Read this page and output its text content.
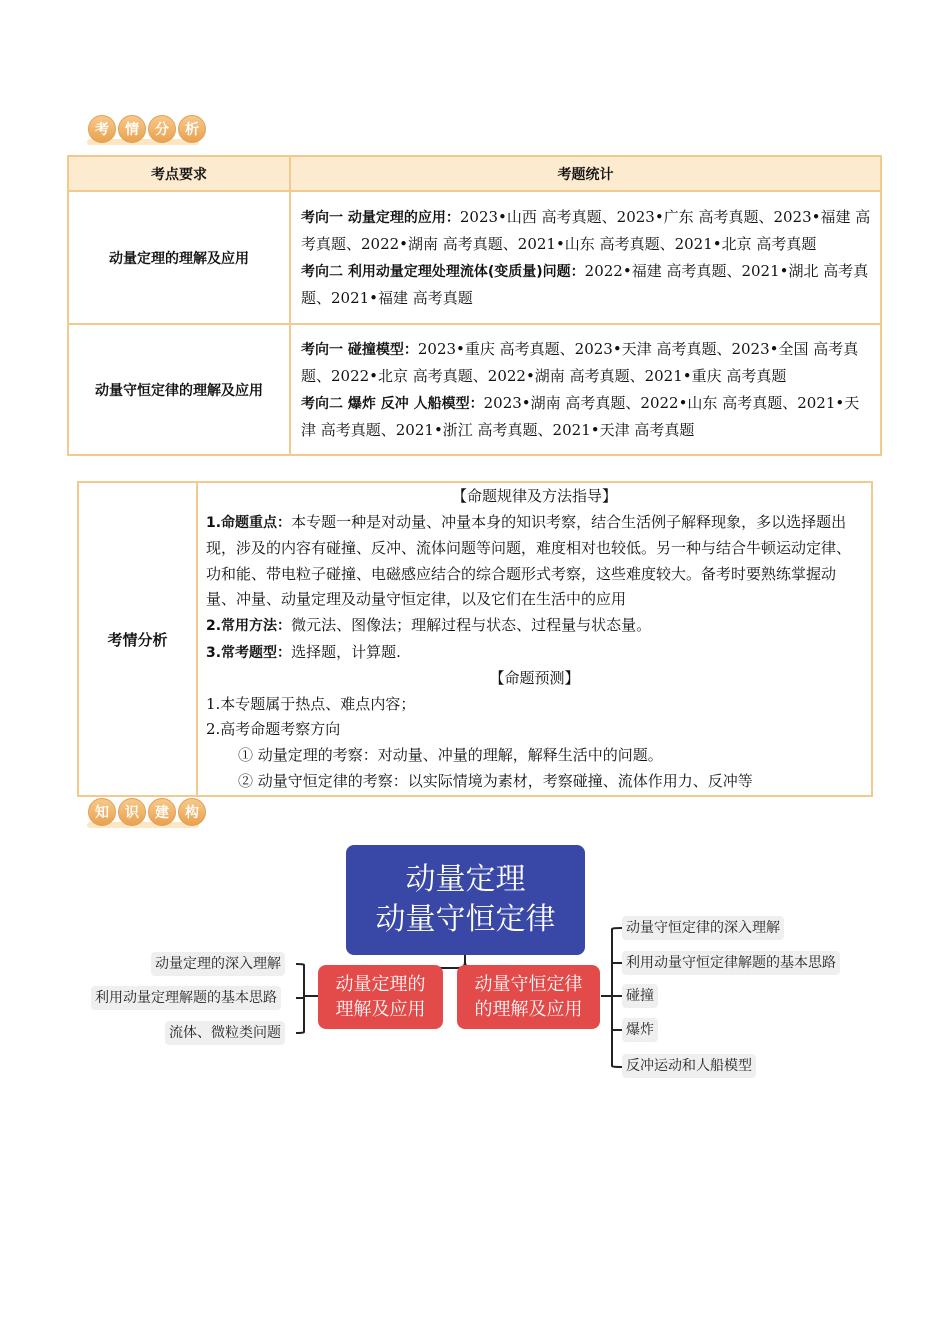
考	情	分	析
考点要求	考题统计
动量定理的理解及应用	考向一 动量定理的应用：2023•山西 高考真题、2023•广东 高考真题、2023•福建 高考真题、2022•湖南 高考真题、2021•山东 高考真题、2021•北京 高考真题
考向二 利用动量定理处理流体(变质量)问题：2022•福建 高考真题、2021•湖北 高考真题、2021•福建 高考真题

动量守恒定律的理解及应用	考向一 碰撞模型：2023•重庆 高考真题、2023•天津 高考真题、2023•全国 高考真题、2022•北京 高考真题、2022•湖南 高考真题、2021•重庆 高考真题
考向二 爆炸 反冲 人船模型：2023•湖南 高考真题、2022•山东 高考真题、2021•天津 高考真题、2021•浙江 高考真题、2021•天津 高考真题
考情分析	
【命题规律及方法指导】
1.命题重点：本专题一种是对动量、冲量本身的知识考察，结合生活例子解释现象，多以选择题出现，涉及的内容有碰撞、反冲、流体问题等问题，难度相对也较低。另一种与结合牛顿运动定律、功和能、带电粒子碰撞、电磁感应结合的综合题形式考察，这些难度较大。备考时要熟练掌握动量、冲量、动量定理及动量守恒定律，以及它们在生活中的应用
2.常用方法：微元法、图像法；理解过程与状态、过程量与状态量。
3.常考题型：选择题，计算题.
【命题预测】
1.本专题属于热点、难点内容；
2.高考命题考察方向
① 动量定理的考察：对动量、冲量的理解，解释生活中的问题。
② 动量守恒定律的考察：以实际情境为素材，考察碰撞、流体作用力、反冲等
知	识	建	构
动量定理
动量守恒定律
动量定理的
理解及应用
动量守恒定律
的理解及应用
动量定理的深入理解
利用动量定理解题的基本思路
流体、微粒类问题
动量守恒定律的深入理解
利用动量守恒定律解题的基本思路
碰撞
爆炸
反冲运动和人船模型
